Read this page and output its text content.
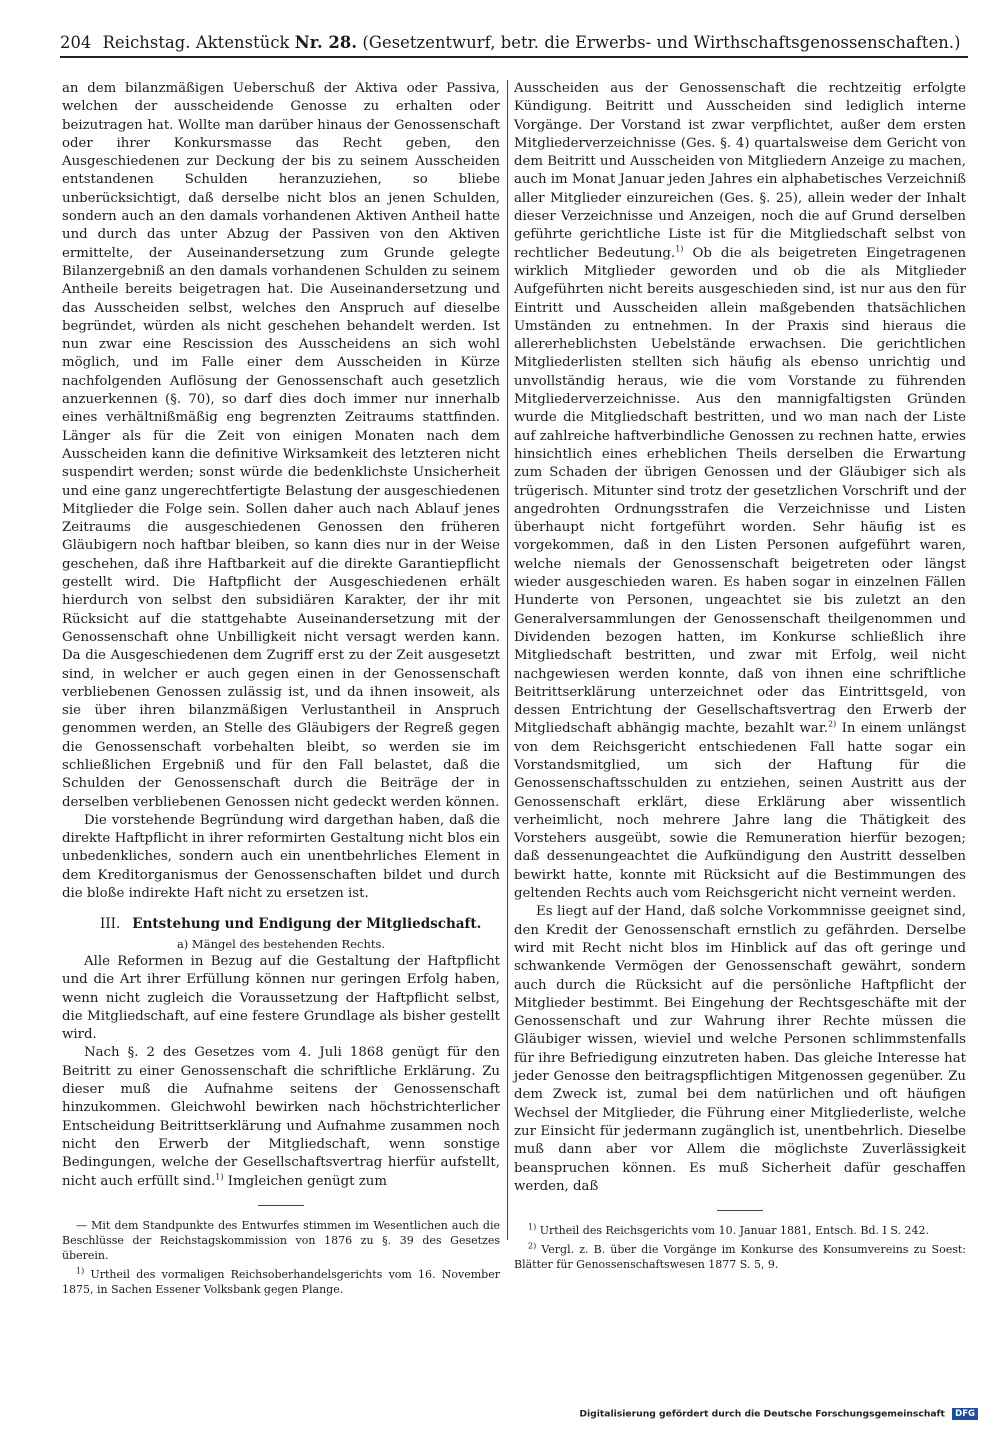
204 Reichstag. Aktenstück Nr. 28. (Gesetzentwurf, betr. die Erwerbs- und Wirthschaftsgenossenschaften.)

an dem bilanzmäßigen Ueberschuß der Aktiva oder Passiva, welchen der ausscheidende Genosse zu erhalten oder beizutragen hat. Wollte man darüber hinaus der Genossenschaft oder ihrer Konkursmasse das Recht geben, den Ausgeschiedenen zur Deckung der bis zu seinem Ausscheiden entstandenen Schulden heranzuziehen, so bliebe unberücksichtigt, daß derselbe nicht blos an jenen Schulden, sondern auch an den damals vorhandenen Aktiven Antheil hatte und durch das unter Abzug der Passiven von den Aktiven ermittelte, der Auseinandersetzung zum Grunde gelegte Bilanzergebniß an den damals vorhandenen Schulden zu seinem Antheile bereits beigetragen hat. Die Auseinandersetzung und das Ausscheiden selbst, welches den Anspruch auf dieselbe begründet, würden als nicht geschehen behandelt werden. Ist nun zwar eine Rescission des Ausscheidens an sich wohl möglich, und im Falle einer dem Ausscheiden in Kürze nachfolgenden Auflösung der Genossenschaft auch gesetzlich anzuerkennen (§. 70), so darf dies doch immer nur innerhalb eines verhältnißmäßig eng begrenzten Zeitraums stattfinden. Länger als für die Zeit von einigen Monaten nach dem Ausscheiden kann die definitive Wirksamkeit des letzteren nicht suspendirt werden; sonst würde die bedenklichste Unsicherheit und eine ganz ungerechtfertigte Belastung der ausgeschiedenen Mitglieder die Folge sein. Sollen daher auch nach Ablauf jenes Zeitraums die ausgeschiedenen Genossen den früheren Gläubigern noch haftbar bleiben, so kann dies nur in der Weise geschehen, daß ihre Haftbarkeit auf die direkte Garantiepflicht gestellt wird. Die Haftpflicht der Ausgeschiedenen erhält hierdurch von selbst den subsidiären Karakter, der ihr mit Rücksicht auf die stattgehabte Auseinandersetzung mit der Genossenschaft ohne Unbilligkeit nicht versagt werden kann. Da die Ausgeschiedenen dem Zugriff erst zu der Zeit ausgesetzt sind, in welcher er auch gegen einen in der Genossenschaft verbliebenen Genossen zulässig ist, und da ihnen insoweit, als sie über ihren bilanzmäßigen Verlustantheil in Anspruch genommen werden, an Stelle des Gläubigers der Regreß gegen die Genossenschaft vorbehalten bleibt, so werden sie im schließlichen Ergebniß und für den Fall belastet, daß die Schulden der Genossenschaft durch die Beiträge der in derselben verbliebenen Genossen nicht gedeckt werden können.

Die vorstehende Begründung wird dargethan haben, daß die direkte Haftpflicht in ihrer reformirten Gestaltung nicht blos ein unbedenkliches, sondern auch ein unentbehrliches Element in dem Kreditorganismus der Genossenschaften bildet und durch die bloße indirekte Haft nicht zu ersetzen ist.

III. Entstehung und Endigung der Mitgliedschaft.
a) Mängel des bestehenden Rechts.

Alle Reformen in Bezug auf die Gestaltung der Haftpflicht und die Art ihrer Erfüllung können nur geringen Erfolg haben, wenn nicht zugleich die Voraussetzung der Haftpflicht selbst, die Mitgliedschaft, auf eine festere Grundlage als bisher gestellt wird.

Nach §. 2 des Gesetzes vom 4. Juli 1868 genügt für den Beitritt zu einer Genossenschaft die schriftliche Erklärung. Zu dieser muß die Aufnahme seitens der Genossenschaft hinzukommen. Gleichwohl bewirken nach höchstrichterlicher Entscheidung Beitrittserklärung und Aufnahme zusammen noch nicht den Erwerb der Mitgliedschaft, wenn sonstige Bedingungen, welche der Gesellschaftsvertrag hierfür aufstellt, nicht auch erfüllt sind.$^{1)}$ Imgleichen genügt zum

— Mit dem Standpunkte des Entwurfes stimmen im Wesentlichen auch die Beschlüsse der Reichstagskommission von 1876 zu §. 39 des Gesetzes überein.

$^{1)}$ Urtheil des vormaligen Reichsoberhandelsgerichts vom 16. November 1875, in Sachen Essener Volksbank gegen Plange.

Ausscheiden aus der Genossenschaft die rechtzeitig erfolgte Kündigung. Beitritt und Ausscheiden sind lediglich interne Vorgänge. Der Vorstand ist zwar verpflichtet, außer dem ersten Mitgliederverzeichnisse (Ges. §. 4) quartalsweise dem Gericht von dem Beitritt und Ausscheiden von Mitgliedern Anzeige zu machen, auch im Monat Januar jeden Jahres ein alphabetisches Verzeichniß aller Mitglieder einzureichen (Ges. §. 25), allein weder der Inhalt dieser Verzeichnisse und Anzeigen, noch die auf Grund derselben geführte gerichtliche Liste ist für die Mitgliedschaft selbst von rechtlicher Bedeutung.$^{1)}$ Ob die als beigetreten Eingetragenen wirklich Mitglieder geworden und ob die als Mitglieder Aufgeführten nicht bereits ausgeschieden sind, ist nur aus den für Eintritt und Ausscheiden allein maßgebenden thatsächlichen Umständen zu entnehmen. In der Praxis sind hieraus die allererheblichsten Uebelstände erwachsen. Die gerichtlichen Mitgliederlisten stellten sich häufig als ebenso unrichtig und unvollständig heraus, wie die vom Vorstande zu führenden Mitgliederverzeichnisse. Aus den mannigfaltigsten Gründen wurde die Mitgliedschaft bestritten, und wo man nach der Liste auf zahlreiche haftverbindliche Genossen zu rechnen hatte, erwies hinsichtlich eines erheblichen Theils derselben die Erwartung zum Schaden der übrigen Genossen und der Gläubiger sich als trügerisch. Mitunter sind trotz der gesetzlichen Vorschrift und der angedrohten Ordnungsstrafen die Verzeichnisse und Listen überhaupt nicht fortgeführt worden. Sehr häufig ist es vorgekommen, daß in den Listen Personen aufgeführt waren, welche niemals der Genossenschaft beigetreten oder längst wieder ausgeschieden waren. Es haben sogar in einzelnen Fällen Hunderte von Personen, ungeachtet sie bis zuletzt an den Generalversammlungen der Genossenschaft theilgenommen und Dividenden bezogen hatten, im Konkurse schließlich ihre Mitgliedschaft bestritten, und zwar mit Erfolg, weil nicht nachgewiesen werden konnte, daß von ihnen eine schriftliche Beitrittserklärung unterzeichnet oder das Eintrittsgeld, von dessen Entrichtung der Gesellschaftsvertrag den Erwerb der Mitgliedschaft abhängig machte, bezahlt war.$^{2)}$ In einem unlängst von dem Reichsgericht entschiedenen Fall hatte sogar ein Vorstandsmitglied, um sich der Haftung für die Genossenschaftsschulden zu entziehen, seinen Austritt aus der Genossenschaft erklärt, diese Erklärung aber wissentlich verheimlicht, noch mehrere Jahre lang die Thätigkeit des Vorstehers ausgeübt, sowie die Remuneration hierfür bezogen; daß dessenungeachtet die Aufkündigung den Austritt desselben bewirkt hatte, konnte mit Rücksicht auf die Bestimmungen des geltenden Rechts auch vom Reichsgericht nicht verneint werden.

Es liegt auf der Hand, daß solche Vorkommnisse geeignet sind, den Kredit der Genossenschaft ernstlich zu gefährden. Derselbe wird mit Recht nicht blos im Hinblick auf das oft geringe und schwankende Vermögen der Genossenschaft gewährt, sondern auch durch die Rücksicht auf die persönliche Haftpflicht der Mitglieder bestimmt. Bei Eingehung der Rechtsgeschäfte mit der Genossenschaft und zur Wahrung ihrer Rechte müssen die Gläubiger wissen, wieviel und welche Personen schlimmstenfalls für ihre Befriedigung einzutreten haben. Das gleiche Interesse hat jeder Genosse den beitragspflichtigen Mitgenossen gegenüber. Zu dem Zweck ist, zumal bei dem natürlichen und oft häufigen Wechsel der Mitglieder, die Führung einer Mitgliederliste, welche zur Einsicht für jedermann zugänglich ist, unentbehrlich. Dieselbe muß dann aber vor Allem die möglichste Zuverlässigkeit beanspruchen können. Es muß Sicherheit dafür geschaffen werden, daß

$^{1)}$ Urtheil des Reichsgerichts vom 10. Januar 1881, Entsch. Bd. I S. 242.

$^{2)}$ Vergl. z. B. über die Vorgänge im Konkurse des Konsumvereins zu Soest: Blätter für Genossenschaftswesen 1877 S. 5, 9.

Digitalisierung gefördert durch die Deutsche Forschungsgemeinschaft DFG
